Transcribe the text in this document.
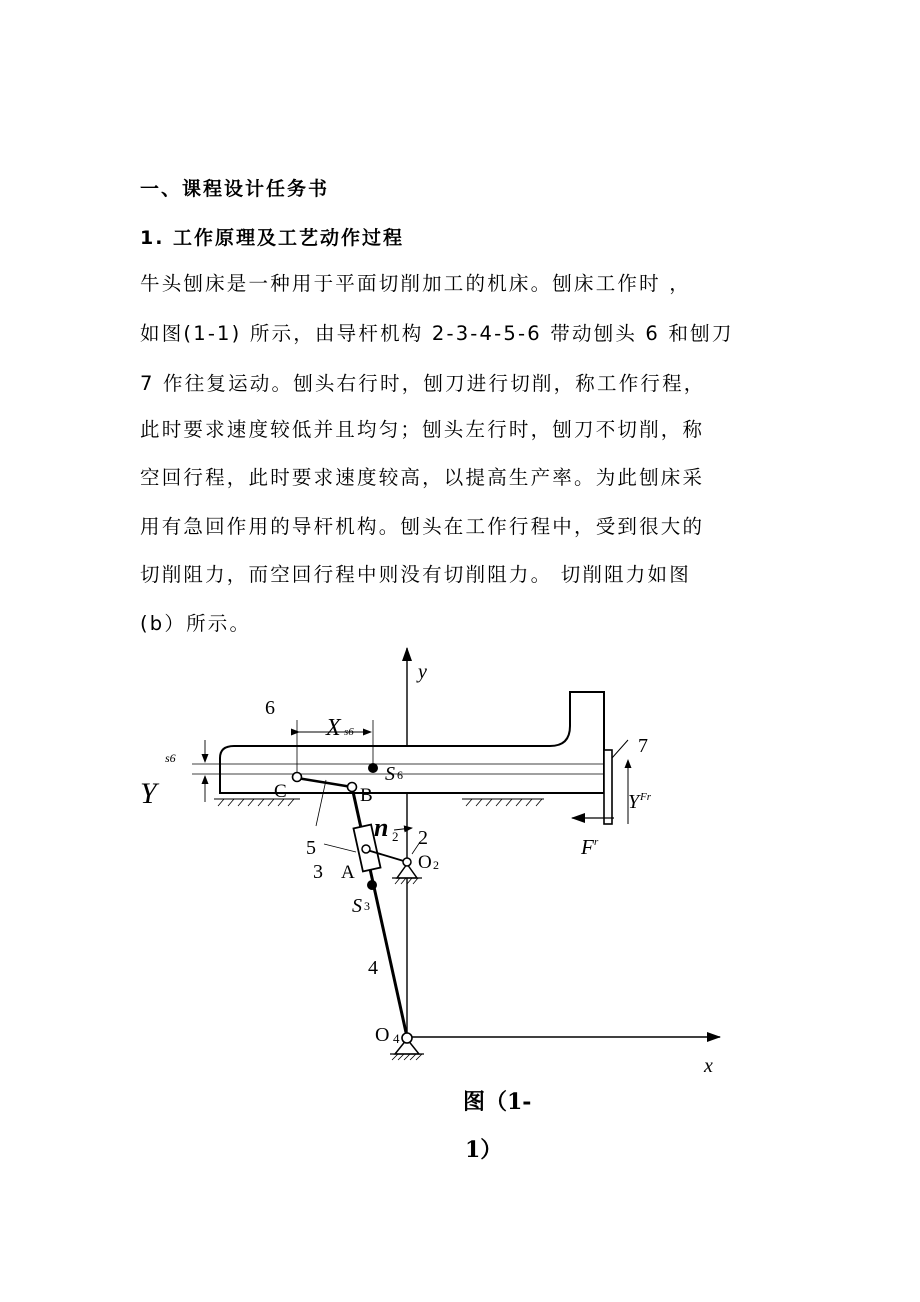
一、课程设计任务书
1. 工作原理及工艺动作过程
牛头刨床是一种用于平面切削加工的机床。刨床工作时 ，
如图(1-1) 所示，由导杆机构 2-3-4-5-6 带动刨头 6 和刨刀
7 作往复运动。刨头右行时，刨刀进行切削，称工作行程，
此时要求速度较低并且均匀；刨头左行时，刨刀不切削，称
空回行程，此时要求速度较高，以提高生产率。为此刨床采
用有急回作用的导杆机构。刨头在工作行程中，受到很大的
切削阻力，而空回行程中则没有切削阻力。 切削阻力如图
(b）所示。
y
x
6
7
X s6
s6
Y
S 6
C	B
n 2 2
5
3 A	O 2
S 3
4
O 4
Y Fr
F r
图（1-
1）
